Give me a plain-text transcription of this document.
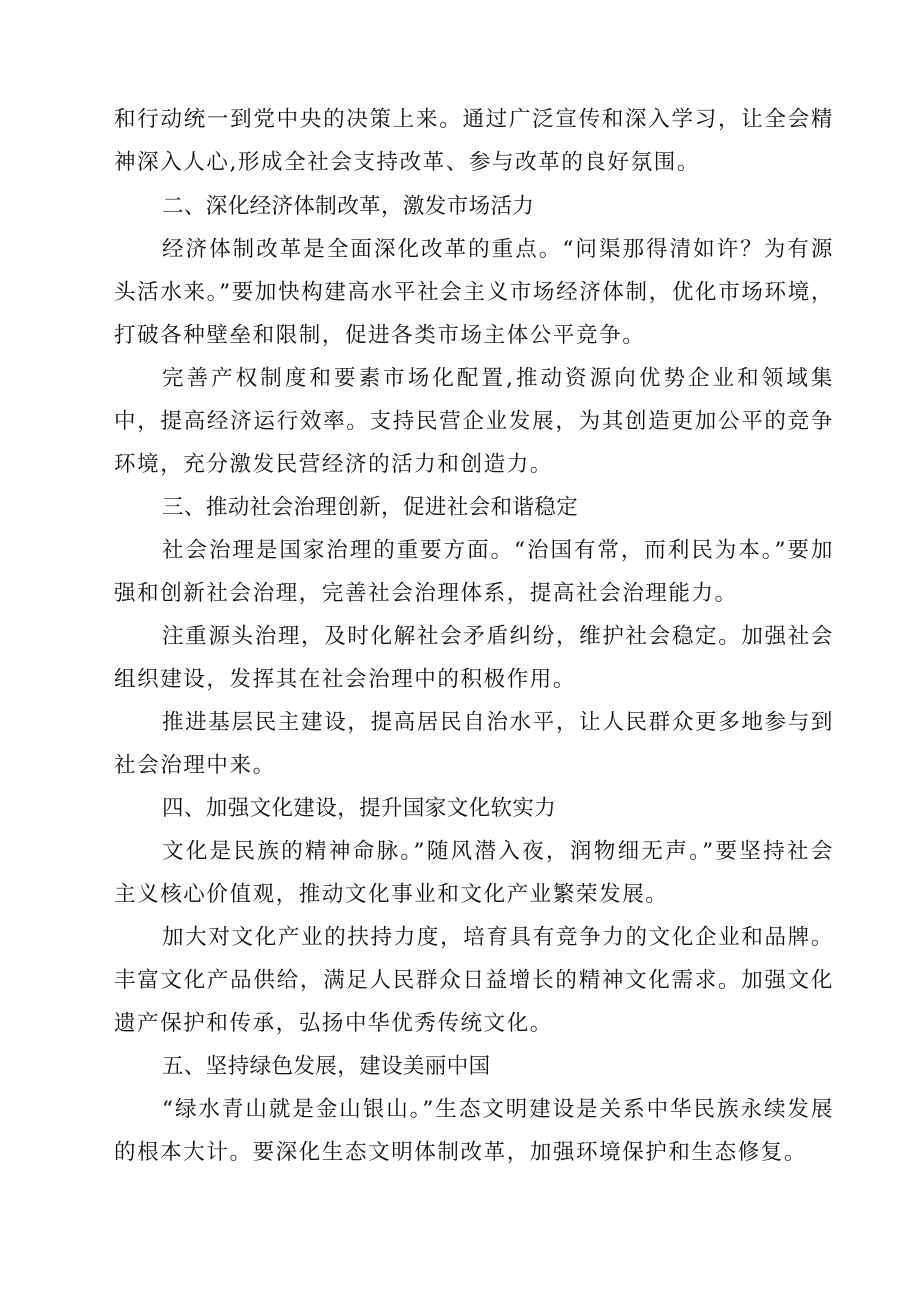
和行动统一到党中央的决策上来。通过广泛宣传和深入学习，让全会精神深入人心,形成全社会支持改革、参与改革的良好氛围。

二、深化经济体制改革，激发市场活力

经济体制改革是全面深化改革的重点。“问渠那得清如许？为有源头活水来。”要加快构建高水平社会主义市场经济体制，优化市场环境，打破各种壁垒和限制，促进各类市场主体公平竞争。

完善产权制度和要素市场化配置,推动资源向优势企业和领域集中，提高经济运行效率。支持民营企业发展，为其创造更加公平的竞争环境，充分激发民营经济的活力和创造力。

三、推动社会治理创新，促进社会和谐稳定

社会治理是国家治理的重要方面。“治国有常，而利民为本。”要加强和创新社会治理，完善社会治理体系，提高社会治理能力。

注重源头治理，及时化解社会矛盾纠纷，维护社会稳定。加强社会组织建设，发挥其在社会治理中的积极作用。

推进基层民主建设，提高居民自治水平，让人民群众更多地参与到社会治理中来。

四、加强文化建设，提升国家文化软实力

文化是民族的精神命脉。”随风潜入夜，润物细无声。”要坚持社会主义核心价值观，推动文化事业和文化产业繁荣发展。

加大对文化产业的扶持力度，培育具有竞争力的文化企业和品牌。丰富文化产品供给，满足人民群众日益增长的精神文化需求。加强文化遗产保护和传承，弘扬中华优秀传统文化。

五、坚持绿色发展，建设美丽中国

“绿水青山就是金山银山。”生态文明建设是关系中华民族永续发展的根本大计。要深化生态文明体制改革，加强环境保护和生态修复。
